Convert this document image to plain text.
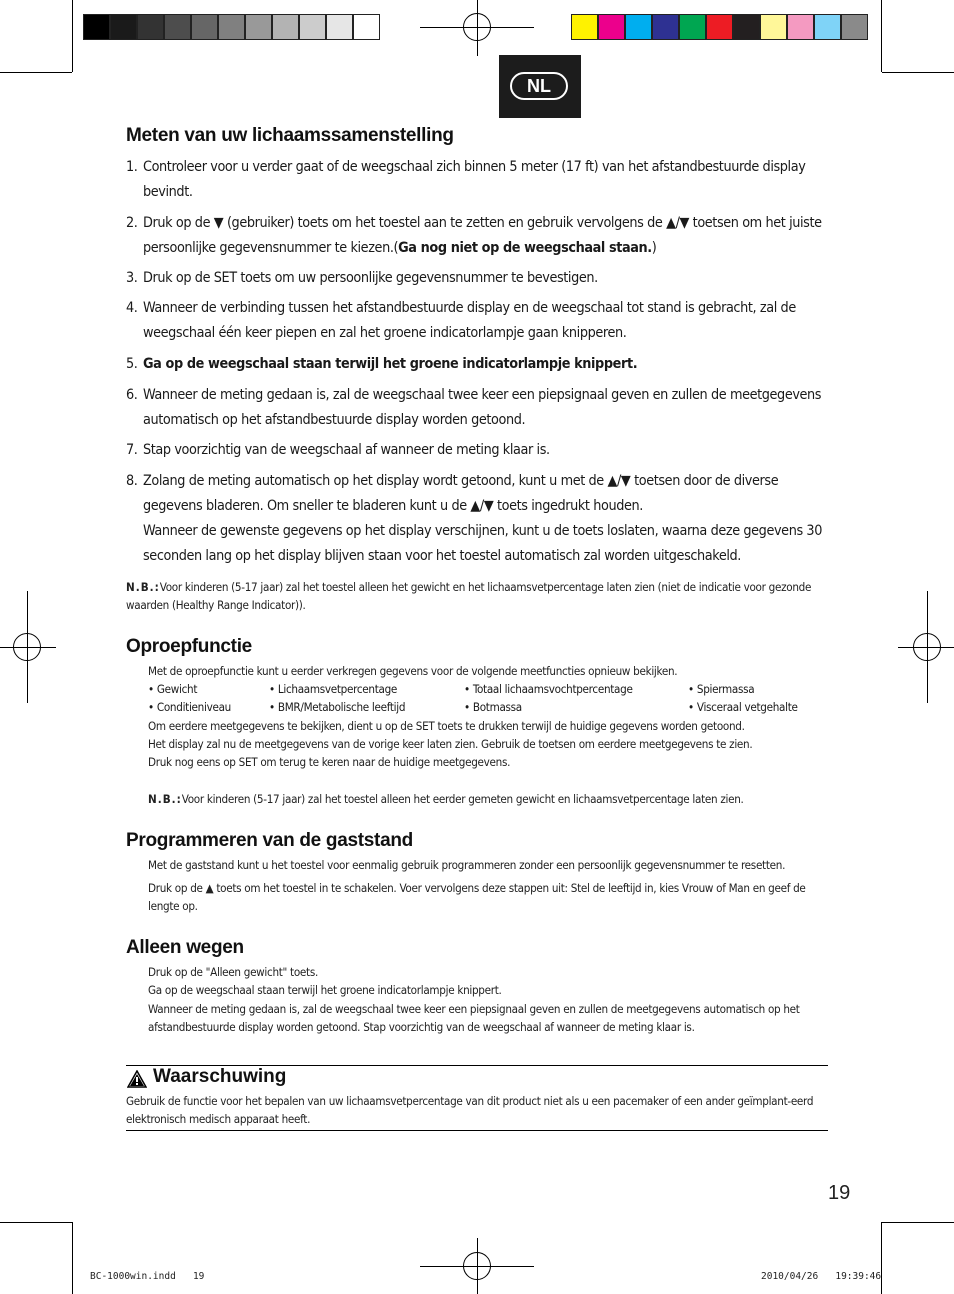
NL
Meten van uw lichaamssamenstelling
1. Controleer voor u verder gaat of de weegschaal zich binnen 5 meter (17 ft) van het afstandbestuurde display bevindt.
2. Druk op de ▼ (gebruiker) toets om het toestel aan te zetten en gebruik vervolgens de ▲/▼ toetsen om het juiste persoonlijke gegevensnummer te kiezen.(Ga nog niet op de weegschaal staan.)
3. Druk op de SET toets om uw persoonlijke gegevensnummer te bevestigen.
4. Wanneer de verbinding tussen het afstandbestuurde display en de weegschaal tot stand is gebracht, zal de weegschaal één keer piepen en zal het groene indicatorlampje gaan knipperen.
5. Ga op de weegschaal staan terwijl het groene indicatorlampje knippert.
6. Wanneer de meting gedaan is, zal de weegschaal twee keer een piepsignaal geven en zullen de meetgegevens automatisch op het afstandbestuurde display worden getoond.
7. Stap voorzichtig van de weegschaal af wanneer de meting klaar is.
8. Zolang de meting automatisch op het display wordt getoond, kunt u met de ▲/▼ toetsen door de diverse gegevens bladeren. Om sneller te bladeren kunt u de ▲/▼ toets ingedrukt houden.
Wanneer de gewenste gegevens op het display verschijnen, kunt u de toets loslaten, waarna deze gegevens 30 seconden lang op het display blijven staan voor het toestel automatisch zal worden uitgeschakeld.
N.B.:Voor kinderen (5-17 jaar) zal het toestel alleen het gewicht en het lichaamsvetpercentage laten zien (niet de indicatie voor gezonde waarden (Healthy Range Indicator)).
Oproepfunctie
Met de oproepfunctie kunt u eerder verkregen gegevens voor de volgende meetfuncties opnieuw bekijken.
• Gewicht	• Lichaamsvetpercentage	• Totaal lichaamsvochtpercentage	• Spiermassa
• Conditieniveau	• BMR/Metabolische leeftijd	• Botmassa	• Visceraal vetgehalte
Om eerdere meetgegevens te bekijken, dient u op de SET toets te drukken terwijl de huidige gegevens worden getoond.
Het display zal nu de meetgegevens van de vorige keer laten zien. Gebruik de toetsen om eerdere meetgegevens te zien.
Druk nog eens op SET om terug te keren naar de huidige meetgegevens.
N.B.:Voor kinderen (5-17 jaar) zal het toestel alleen het eerder gemeten gewicht en lichaamsvetpercentage laten zien.
Programmeren van de gaststand
Met de gaststand kunt u het toestel voor eenmalig gebruik programmeren zonder een persoonlijk gegevensnummer te resetten.
Druk op de ▲ toets om het toestel in te schakelen. Voer vervolgens deze stappen uit: Stel de leeftijd in, kies Vrouw of Man en geef de lengte op.
Alleen wegen
Druk op de "Alleen gewicht" toets.
Ga op de weegschaal staan terwijl het groene indicatorlampje knippert.
Wanneer de meting gedaan is, zal de weegschaal twee keer een piepsignaal geven en zullen de meetgegevens automatisch op het afstandbestuurde display worden getoond. Stap voorzichtig van de weegschaal af wanneer de meting klaar is.
Waarschuwing
Gebruik de functie voor het bepalen van uw lichaamsvetpercentage van dit product niet als u een pacemaker of een ander geïmplant-eerd elektronisch medisch apparaat heeft.
19
BC-1000win.indd   19	2010/04/26   19:39:46
